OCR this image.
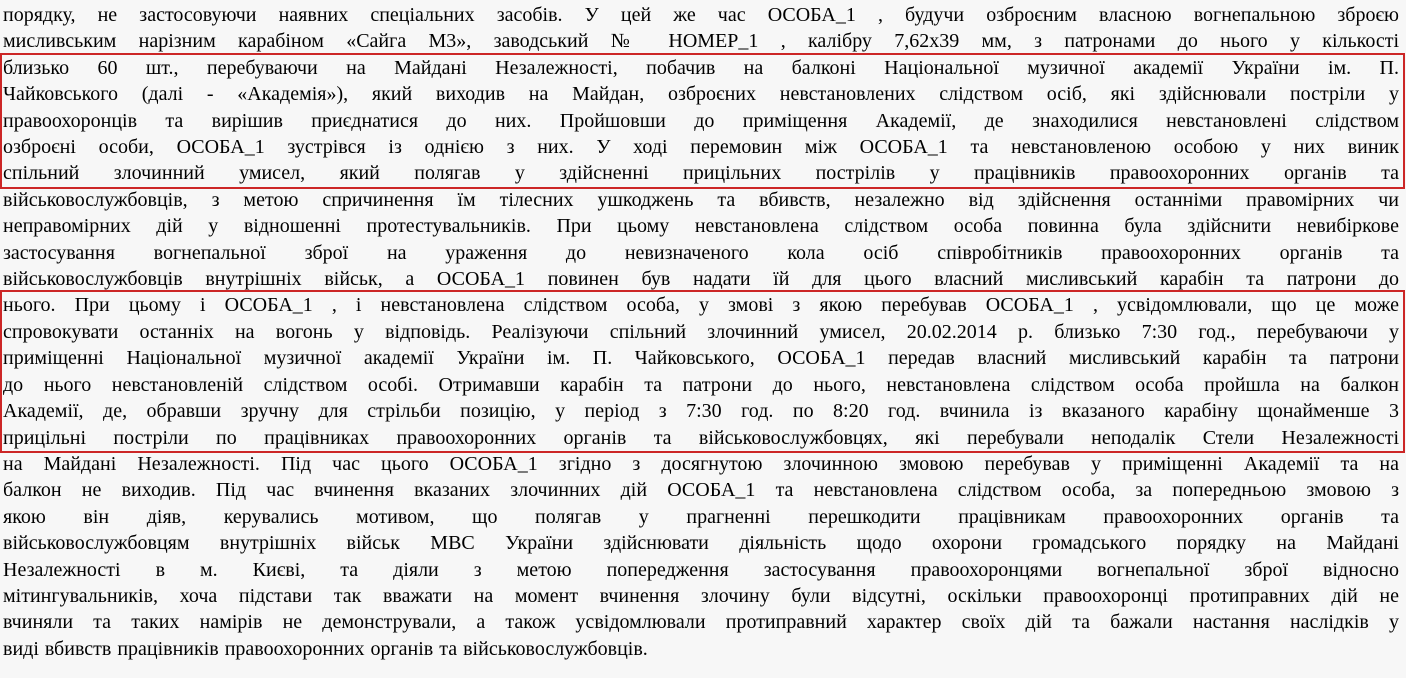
порядку, не застосовуючи наявних спеціальних засобів. У цей же час ОСОБА_1 , будучи озброєним власною вогнепальною зброєю
мисливським нарізним карабіном «Сайга М3», заводський № НОМЕР_1 , калібру 7,62х39 мм, з патронами до нього у кількості
близько 60 шт., перебуваючи на Майдані Незалежності, побачив на балконі Національної музичної академії України ім. П.
Чайковського (далі - «Академія»), який виходив на Майдан, озброєних невстановлених слідством осіб, які здійснювали постріли у
правоохоронців та вирішив приєднатися до них. Пройшовши до приміщення Академії, де знаходилися невстановлені слідством
озброєні особи, ОСОБА_1 зустрівся із однією з них. У ході перемовин між ОСОБА_1 та невстановленою особою у них виник
спільний злочинний умисел, який полягав у здійсненні прицільних пострілів у працівників правоохоронних органів та
військовослужбовців, з метою спричинення їм тілесних ушкоджень та вбивств, незалежно від здійснення останніми правомірних чи
неправомірних дій у відношенні протестувальників. При цьому невстановлена слідством особа повинна була здійснити невибіркове
застосування вогнепальної зброї на ураження до невизначеного кола осіб співробітників правоохоронних органів та
військовослужбовців внутрішніх військ, а ОСОБА_1 повинен був надати їй для цього власний мисливський карабін та патрони до
нього. При цьому і ОСОБА_1 , і невстановлена слідством особа, у змові з якою перебував ОСОБА_1 , усвідомлювали, що це може
спровокувати останніх на вогонь у відповідь. Реалізуючи спільний злочинний умисел, 20.02.2014 р. близько 7:30 год., перебуваючи у
приміщенні Національної музичної академії України ім. П. Чайковського, ОСОБА_1 передав власний мисливський карабін та патрони
до нього невстановленій слідством особі. Отримавши карабін та патрони до нього, невстановлена слідством особа пройшла на балкон
Академії, де, обравши зручну для стрільби позицію, у період з 7:30 год. по 8:20 год. вчинила із вказаного карабіну щонайменше 3
прицільні постріли по працівниках правоохоронних органів та військовослужбовцях, які перебували неподалік Стели Незалежності
на Майдані Незалежності. Під час цього ОСОБА_1 згідно з досягнутою злочинною змовою перебував у приміщенні Академії та на
балкон не виходив. Під час вчинення вказаних злочинних дій ОСОБА_1 та невстановлена слідством особа, за попередньою змовою з
якою він діяв, керувались мотивом, що полягав у прагненні перешкодити працівникам правоохоронних органів та
військовослужбовцям внутрішніх військ МВС України здійснювати діяльність щодо охорони громадського порядку на Майдані
Незалежності в м. Києві, та діяли з метою попередження застосування правоохоронцями вогнепальної зброї відносно
мітингувальників, хоча підстави так вважати на момент вчинення злочину були відсутні, оскільки правоохоронці протиправних дій не
вчиняли та таких намірів не демонстрували, а також усвідомлювали протиправний характер своїх дій та бажали настання наслідків у
виді вбивств працівників правоохоронних органів та військовослужбовців.
